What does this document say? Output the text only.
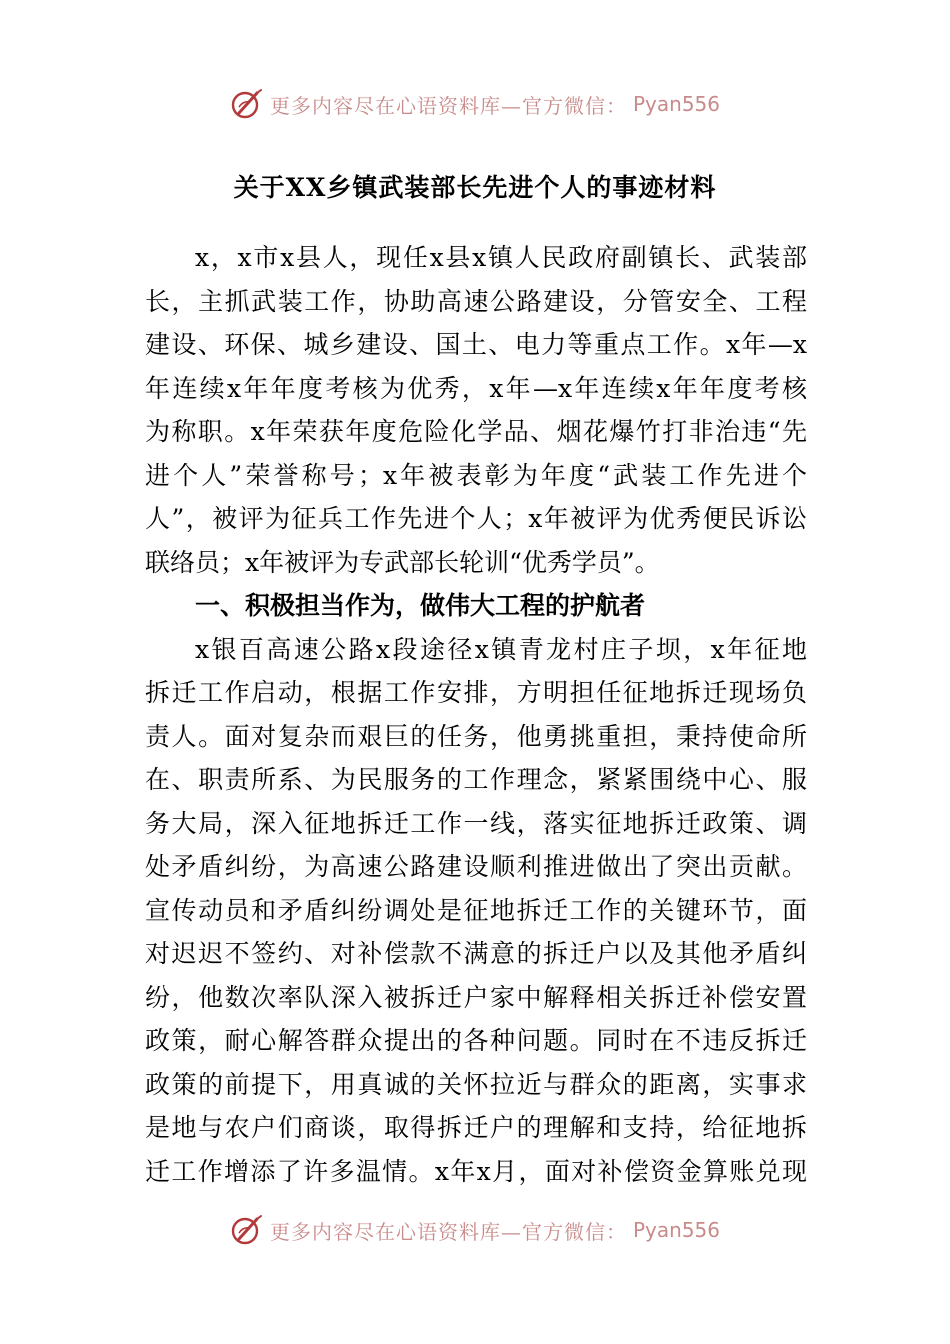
更多内容尽在心语资料库—官方微信： Pyan556
关于XX乡镇武装部长先进个人的事迹材料
x，x市x县人，现任x县x镇人民政府副镇长、武装部
长，主抓武装工作，协助高速公路建设，分管安全、工程
建设、环保、城乡建设、国土、电力等重点工作。x年—x
年连续x年年度考核为优秀，x年—x年连续x年年度考核
为称职。x年荣获年度危险化学品、烟花爆竹打非治违“先
进个人”荣誉称号；x年被表彰为年度“武装工作先进个
人”，被评为征兵工作先进个人；x年被评为优秀便民诉讼
联络员；x年被评为专武部长轮训“优秀学员”。
一、积极担当作为，做伟大工程的护航者
x银百高速公路x段途径x镇青龙村庄子坝，x年征地
拆迁工作启动，根据工作安排，方明担任征地拆迁现场负
责人。面对复杂而艰巨的任务，他勇挑重担，秉持使命所
在、职责所系、为民服务的工作理念，紧紧围绕中心、服
务大局，深入征地拆迁工作一线，落实征地拆迁政策、调
处矛盾纠纷，为高速公路建设顺利推进做出了突出贡献。
宣传动员和矛盾纠纷调处是征地拆迁工作的关键环节，面
对迟迟不签约、对补偿款不满意的拆迁户以及其他矛盾纠
纷，他数次率队深入被拆迁户家中解释相关拆迁补偿安置
政策，耐心解答群众提出的各种问题。同时在不违反拆迁
政策的前提下，用真诚的关怀拉近与群众的距离，实事求
是地与农户们商谈，取得拆迁户的理解和支持，给征地拆
迁工作增添了许多温情。x年x月，面对补偿资金算账兑现
更多内容尽在心语资料库—官方微信： Pyan556
